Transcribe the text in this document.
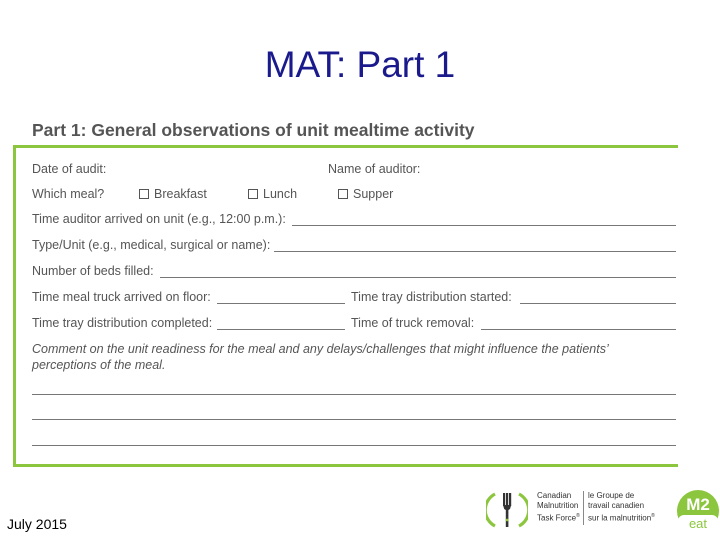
MAT: Part 1
Part 1: General observations of unit mealtime activity
Date of audit:	Name of auditor:
Which meal?	Breakfast	Lunch	Supper
Time auditor arrived on unit (e.g., 12:00 p.m.):
Type/Unit (e.g., medical, surgical or name):
Number of beds filled:
Time meal truck arrived on floor:	Time tray distribution started:
Time tray distribution completed:	Time of truck removal:
Comment on the unit readiness for the meal and any delays/challenges that might influence the patients’
perceptions of the meal.
July 2015
Canadian
Malnutrition
Task Force®
le Groupe de
travail canadien
sur la malnutrition®
M2
eat
